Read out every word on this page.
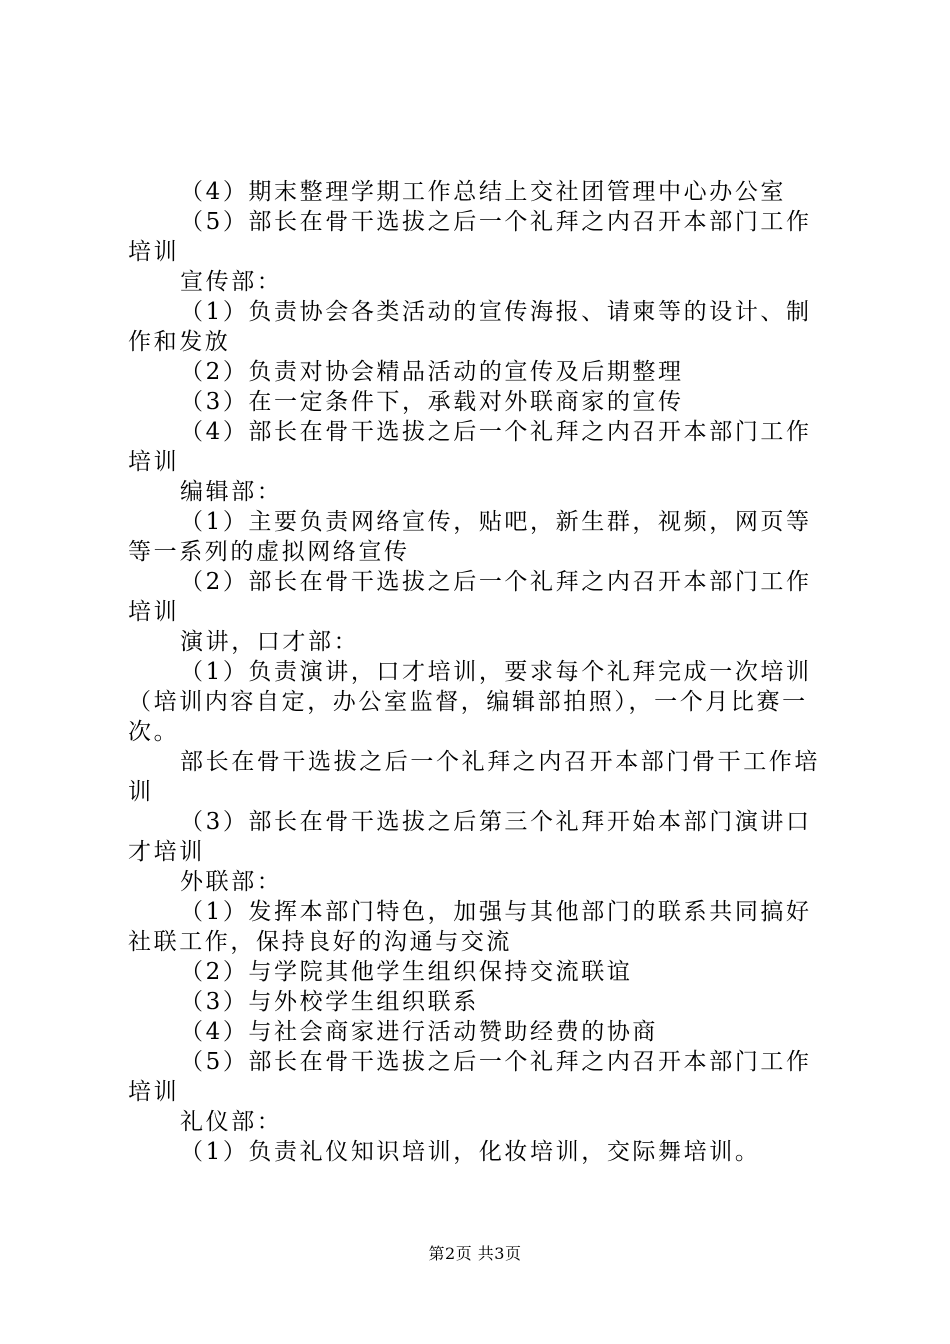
（4）期末整理学期工作总结上交社团管理中心办公室

（5）部长在骨干选拔之后一个礼拜之内召开本部门工作培训

宣传部：

（1）负责协会各类活动的宣传海报、请柬等的设计、制作和发放

（2）负责对协会精品活动的宣传及后期整理

（3）在一定条件下，承载对外联商家的宣传

（4）部长在骨干选拔之后一个礼拜之内召开本部门工作培训

编辑部：

（1）主要负责网络宣传，贴吧，新生群，视频，网页等等一系列的虚拟网络宣传

（2）部长在骨干选拔之后一个礼拜之内召开本部门工作培训

演讲，口才部：

（1）负责演讲，口才培训，要求每个礼拜完成一次培训（培训内容自定，办公室监督，编辑部拍照），一个月比赛一次。

部长在骨干选拔之后一个礼拜之内召开本部门骨干工作培训

（3）部长在骨干选拔之后第三个礼拜开始本部门演讲口才培训

外联部：

（1）发挥本部门特色，加强与其他部门的联系共同搞好社联工作，保持良好的沟通与交流

（2）与学院其他学生组织保持交流联谊

（3）与外校学生组织联系

（4）与社会商家进行活动赞助经费的协商

（5）部长在骨干选拔之后一个礼拜之内召开本部门工作培训

礼仪部：

（1）负责礼仪知识培训，化妆培训，交际舞培训。

第2页 共3页
